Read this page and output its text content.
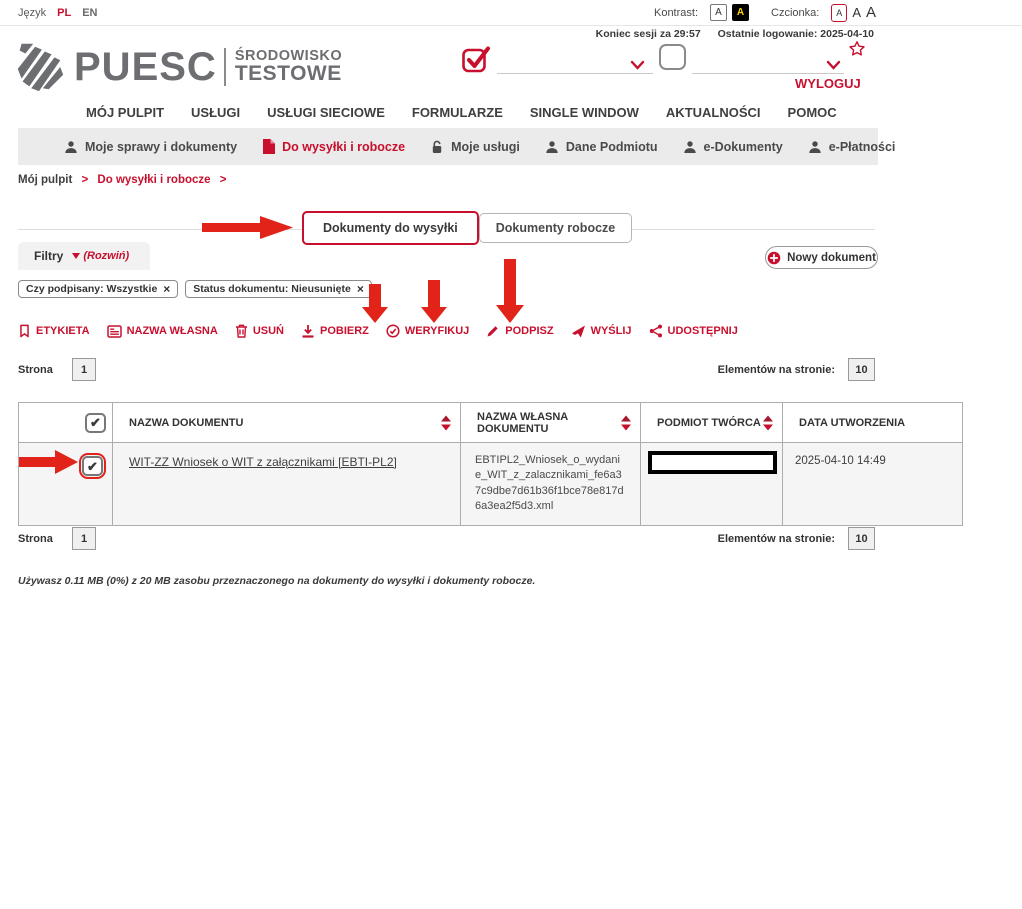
Język PL EN	Kontrast:	A	A	Czcionka:	A A A
Koniec sesji za 29:57 Ostatnie logowanie: 2025-04-10
PUESC ŚRODOWISKO
TESTOWE	WYLOGUJ
MÓJ PULPIT USŁUGI USŁUGI SIECIOWE FORMULARZE SINGLE WINDOW AKTUALNOŚCI POMOC
Moje sprawy i dokumenty	Do wysyłki i robocze	Moje usługi	Dane Podmiotu	e-Dokumenty	e-Płatności
Mój pulpit > Do wysyłki i robocze >
Dokumenty do wysyłki	Dokumenty robocze
Filtry (Rozwiń)	Nowy dokument
Czy podpisany: Wszystkie × Status dokumentu: Nieusunięte ×
ETYKIETA	NAZWA WŁASNA	USUŃ	POBIERZ	WERYFIKUJ	PODPISZ	WYŚLIJ	UDOSTĘPNIJ
Strona	1	Elementów na stronie:	10
✔	NAZWA DOKUMENTU	NAZWA WŁASNA DOKUMENTU	PODMIOT TWÓRCA	DATA UTWORZENIA

✔	WIT-ZZ Wniosek o WIT z załącznikami [EBTI-PL2]	EBTIPL2_Wniosek_o_wydanie_WIT_z_zalacznikami_fe6a37c9dbe7d61b36f1bce78e817d6a3ea2f5d3.xml		2025-04-10 14:49
Strona	1	Elementów na stronie:	10
Używasz 0.11 MB (0%) z 20 MB zasobu przeznaczonego na dokumenty do wysyłki i dokumenty robocze.
